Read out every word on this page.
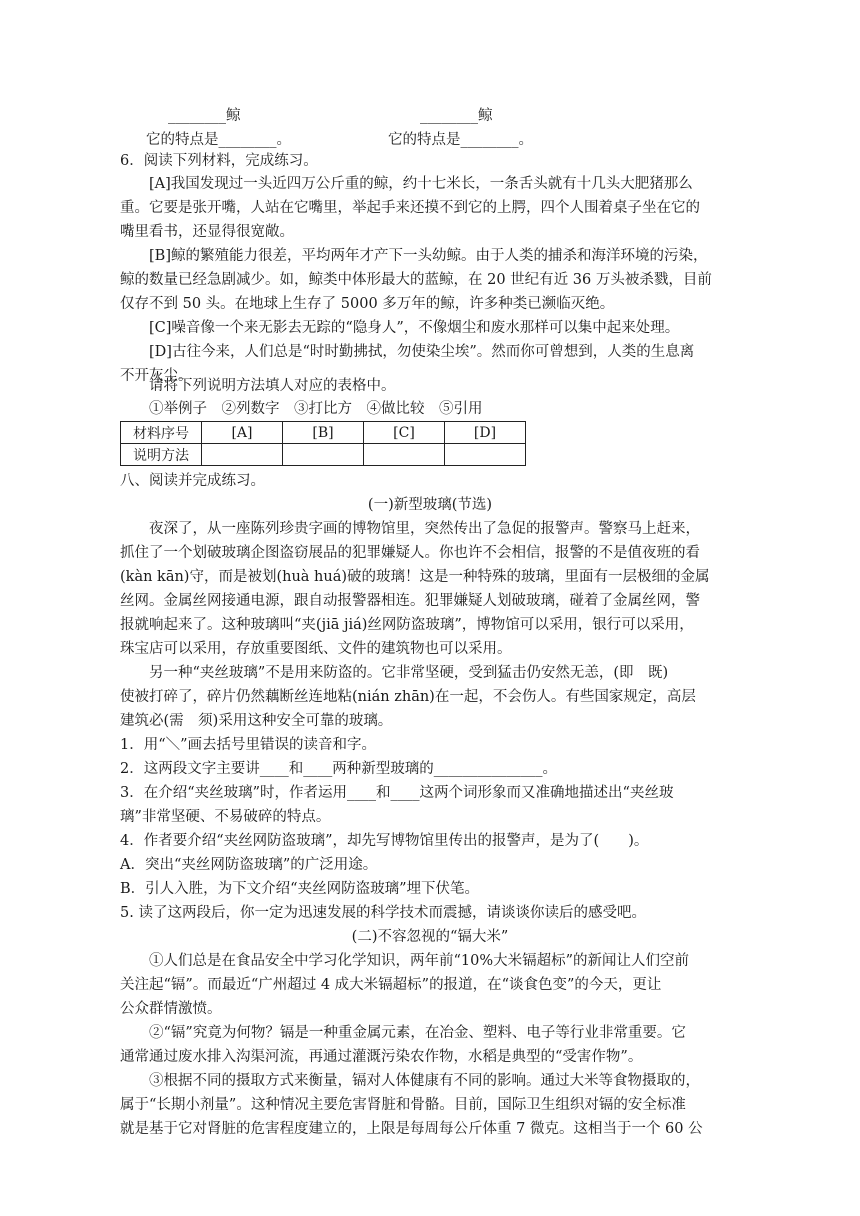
________鲸	________鲸
它的特点是________。	它的特点是________。
6．阅读下列材料，完成练习。
[A]我国发现过一头近四万公斤重的鲸，约十七米长，一条舌头就有十几头大肥猪那么
重。它要是张开嘴，人站在它嘴里，举起手来还摸不到它的上腭，四个人围着桌子坐在它的
嘴里看书，还显得很宽敞。
[B]鲸的繁殖能力很差，平均两年才产下一头幼鲸。由于人类的捕杀和海洋环境的污染，
鲸的数量已经急剧减少。如，鲸类中体形最大的蓝鲸，在 20 世纪有近 36 万头被杀戮，目前
仅存不到 50 头。在地球上生存了 5000 多万年的鲸，许多种类已濒临灭绝。
[C]噪音像一个来无影去无踪的“隐身人”，不像烟尘和废水那样可以集中起来处理。
[D]古往今来，人们总是“时时勤拂拭，勿使染尘埃”。然而你可曾想到，人类的生息离
不开灰尘。
请将下列说明方法填人对应的表格中。
①举例子　②列数字　③打比方　④做比较　⑤引用
材料序号	[A]	[B]	[C]	[D]
说明方法				
八、阅读并完成练习。
(一)新型玻璃(节选)
夜深了，从一座陈列珍贵字画的博物馆里，突然传出了急促的报警声。警察马上赶来，
抓住了一个划破玻璃企图盗窃展品的犯罪嫌疑人。你也许不会相信，报警的不是值夜班的看
(kàn kān)守，而是被划(huà huá)破的玻璃！这是一种特殊的玻璃，里面有一层极细的金属
丝网。金属丝网接通电源，跟自动报警器相连。犯罪嫌疑人划破玻璃，碰着了金属丝网，警
报就响起来了。这种玻璃叫“夹(jiā jiá)丝网防盗玻璃”，博物馆可以采用，银行可以采用，
珠宝店可以采用，存放重要图纸、文件的建筑物也可以采用。
另一种“夹丝玻璃”不是用来防盗的。它非常坚硬，受到猛击仍安然无恙，(即　既)
使被打碎了，碎片仍然藕断丝连地粘(nián zhān)在一起，不会伤人。有些国家规定，高层
建筑必(需　须)采用这种安全可靠的玻璃。
1．用“＼”画去括号里错误的读音和字。
2．这两段文字主要讲____和____两种新型玻璃的_______________。
3．在介绍“夹丝玻璃”时，作者运用____和____这两个词形象而又准确地描述出“夹丝玻
璃”非常坚硬、不易破碎的特点。
4．作者要介绍“夹丝网防盗玻璃”，却先写博物馆里传出的报警声，是为了(　　)。
A．突出“夹丝网防盗玻璃”的广泛用途。
B．引人入胜，为下文介绍“夹丝网防盗玻璃”埋下伏笔。
5. 读了这两段后，你一定为迅速发展的科学技术而震撼，请谈谈你读后的感受吧。
(二)不容忽视的“镉大米”
①人们总是在食品安全中学习化学知识，两年前“10%大米镉超标”的新闻让人们空前
关注起“镉”。而最近“广州超过 4 成大米镉超标”的报道，在“谈食色变”的今天，更让
公众群情激愤。
②“镉”究竟为何物？镉是一种重金属元素，在冶金、塑料、电子等行业非常重要。它
通常通过废水排入沟渠河流，再通过灌溉污染农作物，水稻是典型的“受害作物”。
③根据不同的摄取方式来衡量，镉对人体健康有不同的影响。通过大米等食物摄取的，
属于“长期小剂量”。这种情况主要危害肾脏和骨骼。目前，国际卫生组织对镉的安全标准
就是基于它对肾脏的危害程度建立的，上限是每周每公斤体重 7 微克。这相当于一个 60 公
